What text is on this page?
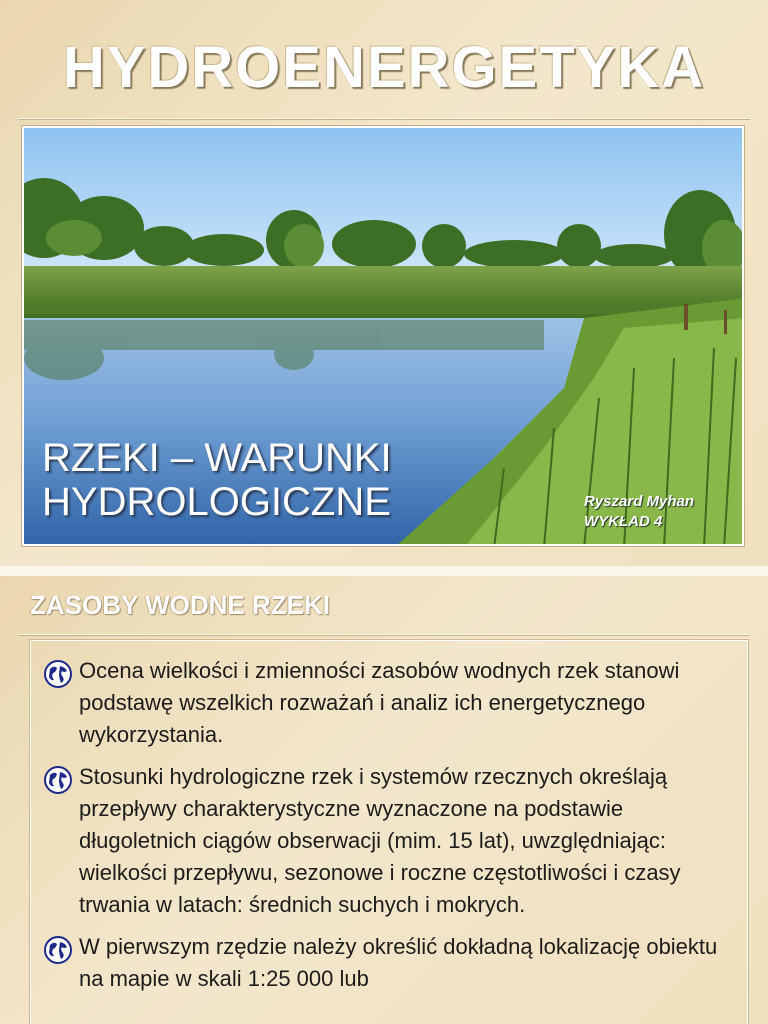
HYDROENERGETYKA
RZEKI – WARUNKI
HYDROLOGICZNE	Ryszard Myhan
WYKŁAD 4
ZASOBY WODNE RZEKI
Ocena wielkości i zmienności zasobów wodnych rzek stanowi podstawę wszelkich rozważań i analiz ich energetycznego wykorzystania.
Stosunki hydrologiczne rzek i systemów rzecznych określają przepływy charakterystyczne wyznaczone na podstawie długoletnich ciągów obserwacji (mim. 15 lat), uwzględniając: wielkości przepływu, sezonowe i roczne częstotliwości i czasy trwania w latach: średnich suchych i mokrych.
W pierwszym rzędzie należy określić dokładną lokalizację obiektu na mapie w skali 1:25 000 lub
